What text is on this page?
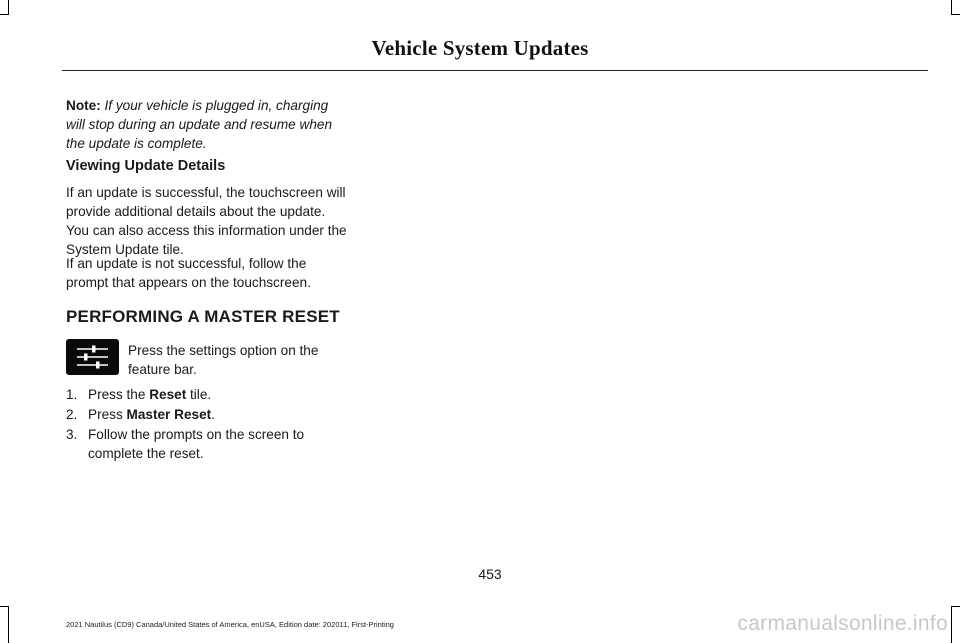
Vehicle System Updates

Note: If your vehicle is plugged in, charging will stop during an update and resume when the update is complete.

Viewing Update Details
If an update is successful, the touchscreen will provide additional details about the update. You can also access this information under the System Update tile.
If an update is not successful, follow the prompt that appears on the touchscreen.
PERFORMING A MASTER RESET
Press the settings option on the feature bar.
1. Press the Reset tile.
2. Press Master Reset.
3. Follow the prompts on the screen to complete the reset.
453
2021 Nautilus (CD9) Canada/United States of America, enUSA, Edition date: 202011, First-Printing	carmanualsonline.info
